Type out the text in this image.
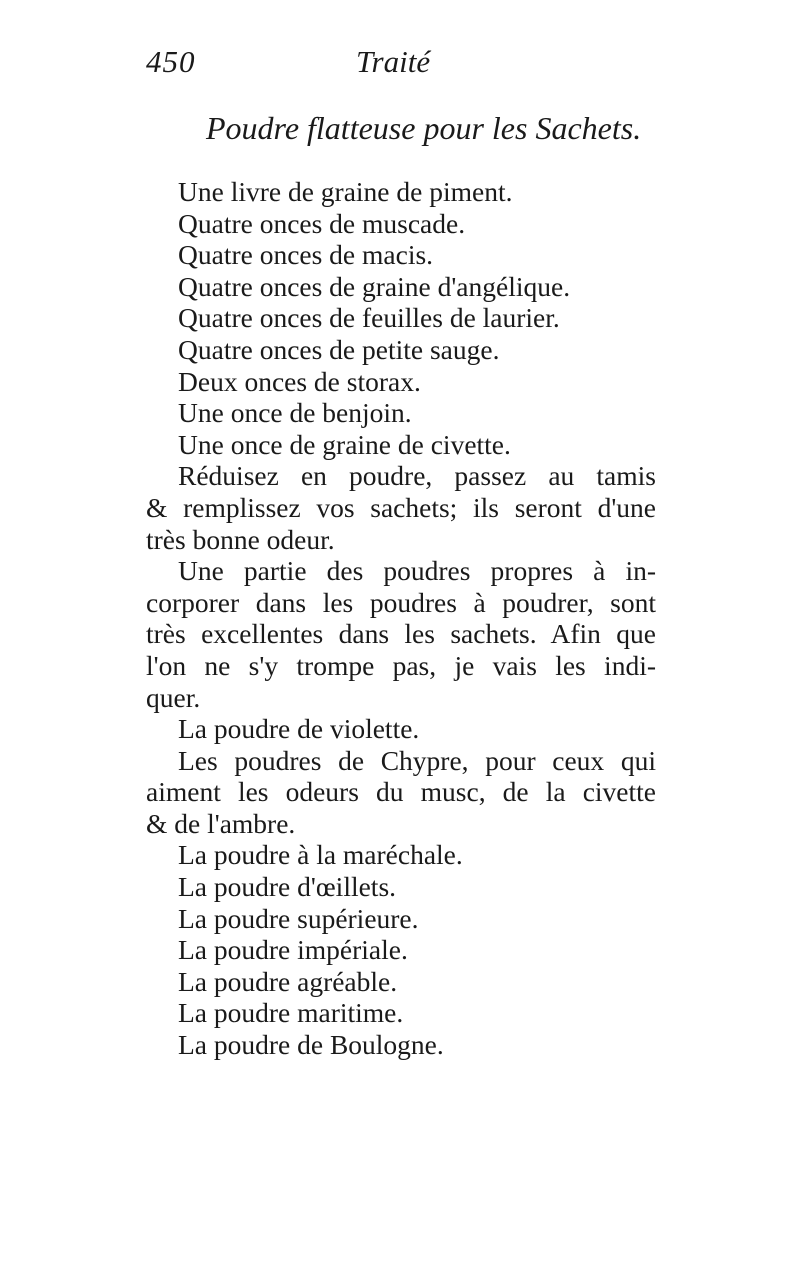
450	Traité
Poudre flatteuse pour les Sachets.
Une livre de graine de piment.
Quatre onces de muscade.
Quatre onces de macis.
Quatre onces de graine d'angélique.
Quatre onces de feuilles de laurier.
Quatre onces de petite sauge.
Deux onces de storax.
Une once de benjoin.
Une once de graine de civette.
Réduisez en poudre, passez au tamis
& remplissez vos sachets; ils seront d'une
très bonne odeur.
Une partie des poudres propres à in-
corporer dans les poudres à poudrer, sont
très excellentes dans les sachets. Afin que
l'on ne s'y trompe pas, je vais les indi-
quer.
La poudre de violette.
Les poudres de Chypre, pour ceux qui
aiment les odeurs du musc, de la civette
& de l'ambre.
La poudre à la maréchale.
La poudre d'œillets.
La poudre supérieure.
La poudre impériale.
La poudre agréable.
La poudre maritime.
La poudre de Boulogne.
